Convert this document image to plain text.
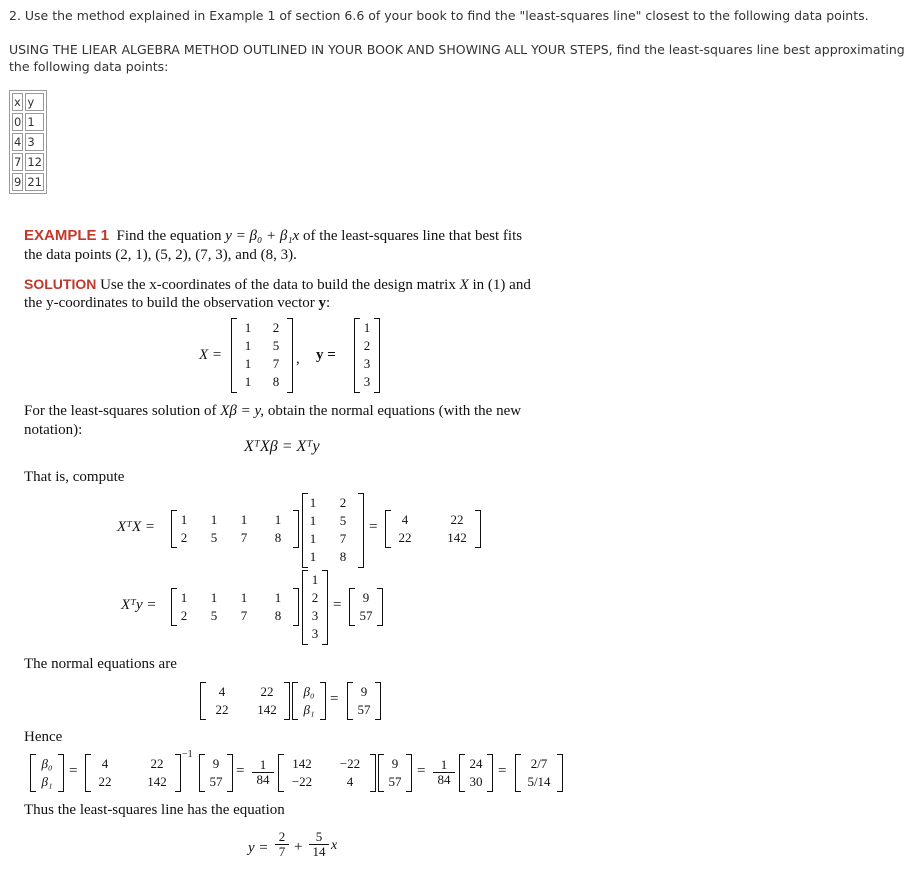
2. Use the method explained in Example 1 of section 6.6 of your book to find the "least-squares line" closest to the following data points.
USING THE LIEAR ALGEBRA METHOD OUTLINED IN YOUR BOOK AND SHOWING ALL YOUR STEPS, find the least-squares line best approximating the following data points:
x	y
0	1
4	3
7	12
9	21
EXAMPLE 1 Find the equation y = β₀ + β₁x of the least-squares line that best fits
the data points (2, 1), (5, 2), (7, 3), and (8, 3).
SOLUTION Use the x-coordinates of the data to build the design matrix X in (1) and
the y-coordinates to build the observation vector y:
X =
1 2
1 5
1 7
1 8
, y =
1
2
3
3
For the least-squares solution of Xβ = y, obtain the normal equations (with the new
notation):
XᵀXβ = Xᵀy
That is, compute
XᵀX = 1 1 1 1
2 5 7 8
1 2
1 5
1 7
1 8
=	4	22
22	142
Xᵀy = 1 1 1 1
2 5 7 8
1
2
3
3
=	9
57
The normal equations are
4	22
22	142
β₀
β₁
=	9
57
Hence
β₀
β₁
=	4	22
22	142
−1
9
57
= $\frac{1}{84}$	142	−22
−22	4
9
57
= $\frac{1}{84}$	24
30
=	2/7
5/14
Thus the least-squares line has the equation
$y = \frac{2}{7} + \frac{5}{14}$ x
